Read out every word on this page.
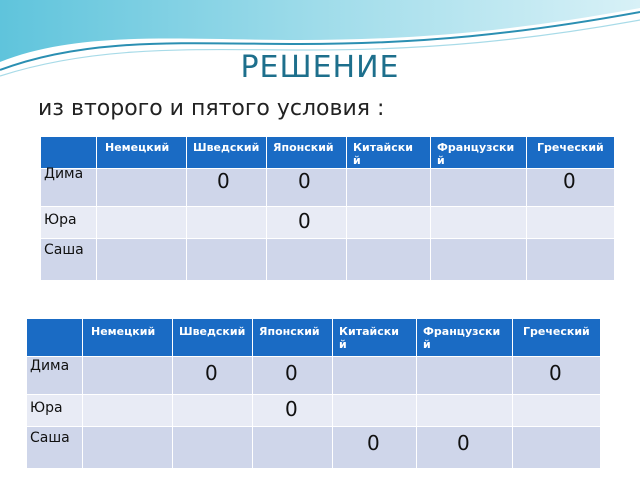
РЕШЕНИЕ
из второго и пятого условия :

	Немецкий	Шведский	Японский	Китайский	Французский	Греческий

Дима		0	0			0

Юра			0			

Саша						

	Немецкий	Шведский	Японский	Китайский	Французский	Греческий

Дима		0	0			0

Юра			0			

Саша				0	0	
